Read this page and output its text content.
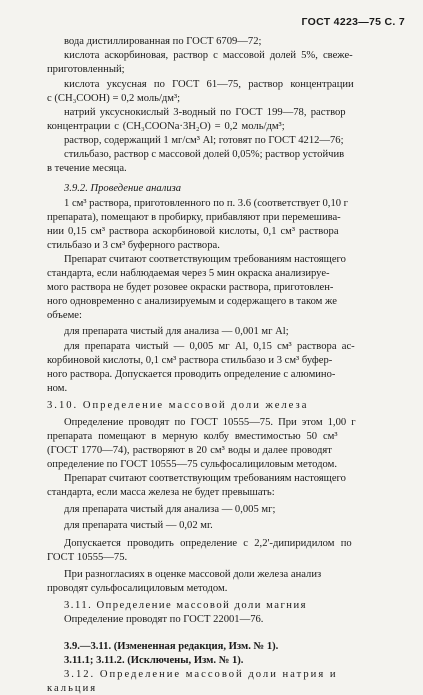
ГОСТ 4223—75 С. 7
вода дистиллированная по ГОСТ 6709—72;
кислота аскорбиновая, раствор с массовой долей 5%, свеже-
приготовленный;
кислота уксусная по ГОСТ 61—75, раствор концентрации
с (CH₃COOH) = 0,2 моль/дм³;
натрий уксуснокислый 3-водный по ГОСТ 199—78, раствор
концентрации с (CH₃COONa·3H₂O) = 0,2 моль/дм³;
раствор, содержащий 1 мг/см³ Al; готовят по ГОСТ 4212—76;
стильбазо, раствор с массовой долей 0,05%; раствор устойчив
в течение месяца.
3.9.2. Проведение анализа
1 см³ раствора, приготовленного по п. 3.6 (соответствует 0,10 г
препарата), помещают в пробирку, прибавляют при перемешива-
нии 0,15 см³ раствора аскорбиновой кислоты, 0,1 см³ раствора
стильбазо и 3 см³ буферного раствора.
Препарат считают соответствующим требованиям настоящего
стандарта, если наблюдаемая через 5 мин окраска анализируе-
мого раствора не будет розовее окраски раствора, приготовлен-
ного одновременно с анализируемым и содержащего в таком же
объеме:
для препарата чистый для анализа — 0,001 мг Al;
для препарата чистый — 0,005 мг Al, 0,15 см³ раствора ас-
корбиновой кислоты, 0,1 см³ раствора стильбазо и 3 см³ буфер-
ного раствора. Допускается проводить определение с алюмино-
ном.
3.10. Определение массовой доли железа
Определение проводят по ГОСТ 10555—75. При этом 1,00 г
препарата помещают в мерную колбу вместимостью 50 см³
(ГОСТ 1770—74), растворяют в 20 см³ воды и далее проводят
определение по ГОСТ 10555—75 сульфосалициловым методом.
Препарат считают соответствующим требованиям настоящего
стандарта, если масса железа не будет превышать:
для препарата чистый для анализа — 0,005 мг;
для препарата чистый — 0,02 мг.
Допускается проводить определение с 2,2'-дипиридилом по
ГОСТ 10555—75.
При разногласиях в оценке массовой доли железа анализ
проводят сульфосалициловым методом.
3.11. Определение массовой доли магния
Определение проводят по ГОСТ 22001—76.
3.9.—3.11. (Измененная редакция, Изм. № 1).
3.11.1; 3.11.2. (Исключены, Изм. № 1).
3.12. Определение массовой доли натрия и
кальция
